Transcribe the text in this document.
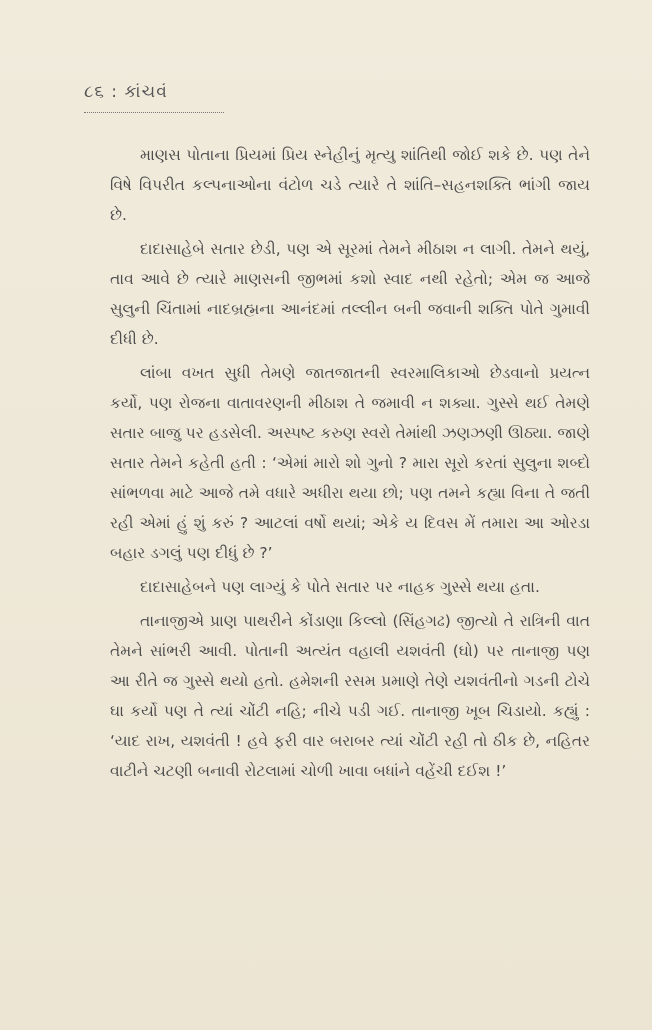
૮૬ : કાંચવંં

માણસ પોતાના પ્રિયમાં પ્રિય સ્નેહીનું મૃત્યુ શાંતિથી જોઈ શકે છે. પણ તેને વિષે વિપરીત કલ્પનાઓના વંટોળ ચડે ત્યારે તે શાંતિ–સહનશક્તિ ભાંગી જાય છે.

દાદાસાહેબે સતાર છેડી, પણ એ સૂરમાં તેમને મીઠાશ ન લાગી. તેમને થયું, તાવ આવે છે ત્યારે માણસની જીભમાં કશો સ્વાદ નથી રહેતો; એમ જ આજે સુલુની ચિંતામાં નાદબ્રહ્મના આનંદમાં તલ્લીન બની જવાની શક્તિ પોતે ગુમાવી દીધી છે.

લાંબા વખત સુધી તેમણે જાતજાતની સ્વરમાલિકાઓ છેડવાનો પ્રયત્ન કર્યો, પણ રોજના વાતાવરણની મીઠાશ તે જમાવી ન શક્યા. ગુસ્સે થઈ તેમણે સતાર બાજુ પર હડસેલી. અસ્પષ્ટ કરુણ સ્વરો તેમાંથી ઝણઝણી ઊઠ્યા. જાણે સતાર તેમને કહેતી હતી : ‘એમાં મારો શો ગુનો ? મારા સૂરો કરતાં સુલુના શબ્દો સાંભળવા માટે આજે તમે વધારે અધીરા થયા છો; પણ તમને કહ્યા વિના તે જતી રહી એમાં હું શું કરું ? આટલાં વર્ષો થયાં; એકે ય દિવસ મેં તમારા આ ઓરડા બહાર ડગલું પણ દીધું છે ?’

દાદાસાહેબને પણ લાગ્યું કે પોતે સતાર પર નાહક ગુસ્સે થયા હતા.

તાનાજીએ પ્રાણ પાથરીને કોંડાણા કિલ્લો (સિંહગઢ) જીત્યો તે રાત્રિની વાત તેમને સાંભરી આવી. પોતાની અત્યંત વહાલી યશવંતી (ઘો) પર તાનાજી પણ આ રીતે જ ગુસ્સે થયો હતો. હમેશની રસમ પ્રમાણે તેણે યશવંતીનો ગડની ટોચે ઘા કર્યો પણ તે ત્યાં ચોંટી નહિ; નીચે પડી ગઈ. તાનાજી ખૂબ ચિડાયો. કહ્યું : ‘યાદ રાખ, યશવંતી ! હવે ફરી વાર બરાબર ત્યાં ચોંટી રહી તો ઠીક છે, નહિતર વાટીને ચટણી બનાવી રોટલામાં ચોળી ખાવા બધાંને વહેંચી દઈશ !’
